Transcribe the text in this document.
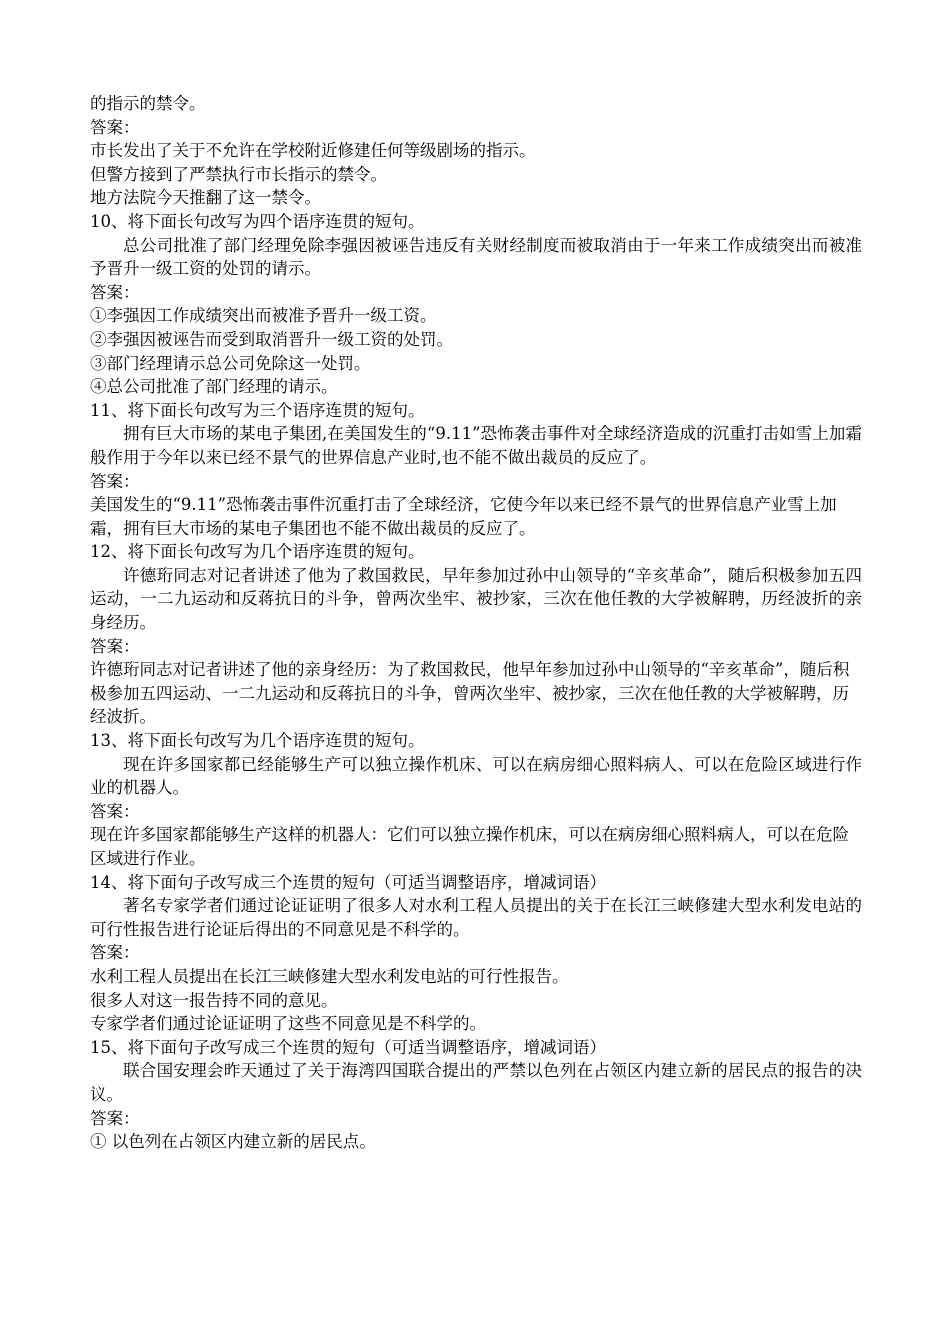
的指示的禁令。

答案：

市长发出了关于不允许在学校附近修建任何等级剧场的指示。

但警方接到了严禁执行市长指示的禁令。

地方法院今天推翻了这一禁令。

10、将下面长句改写为四个语序连贯的短句。

总公司批准了部门经理免除李强因被诬告违反有关财经制度而被取消由于一年来工作成绩突出而被准予晋升一级工资的处罚的请示。

答案：

①李强因工作成绩突出而被准予晋升一级工资。

②李强因被诬告而受到取消晋升一级工资的处罚。

③部门经理请示总公司免除这一处罚。

④总公司批准了部门经理的请示。

11、将下面长句改写为三个语序连贯的短句。

拥有巨大市场的某电子集团,在美国发生的“9.11”恐怖袭击事件对全球经济造成的沉重打击如雪上加霜般作用于今年以来已经不景气的世界信息产业时,也不能不做出裁员的反应了。

答案：

美国发生的“9.11”恐怖袭击事件沉重打击了全球经济，它使今年以来已经不景气的世界信息产业雪上加霜，拥有巨大市场的某电子集团也不能不做出裁员的反应了。

12、将下面长句改写为几个语序连贯的短句。

许德珩同志对记者讲述了他为了救国救民，早年参加过孙中山领导的“辛亥革命”，随后积极参加五四运动，一二九运动和反蒋抗日的斗争，曾两次坐牢、被抄家，三次在他任教的大学被解聘，历经波折的亲身经历。

答案：

许德珩同志对记者讲述了他的亲身经历：为了救国救民，他早年参加过孙中山领导的“辛亥革命”，随后积极参加五四运动、一二九运动和反蒋抗日的斗争，曾两次坐牢、被抄家，三次在他任教的大学被解聘，历经波折。

13、将下面长句改写为几个语序连贯的短句。

现在许多国家都已经能够生产可以独立操作机床、可以在病房细心照料病人、可以在危险区域进行作业的机器人。

答案：

现在许多国家都能够生产这样的机器人：它们可以独立操作机床，可以在病房细心照料病人，可以在危险区域进行作业。

14、将下面句子改写成三个连贯的短句（可适当调整语序，增减词语）

著名专家学者们通过论证证明了很多人对水利工程人员提出的关于在长江三峡修建大型水利发电站的可行性报告进行论证后得出的不同意见是不科学的。

答案：

水利工程人员提出在长江三峡修建大型水利发电站的可行性报告。

很多人对这一报告持不同的意见。

专家学者们通过论证证明了这些不同意见是不科学的。

15、将下面句子改写成三个连贯的短句（可适当调整语序，增减词语）

联合国安理会昨天通过了关于海湾四国联合提出的严禁以色列在占领区内建立新的居民点的报告的决议。

答案：

① 以色列在占领区内建立新的居民点。
